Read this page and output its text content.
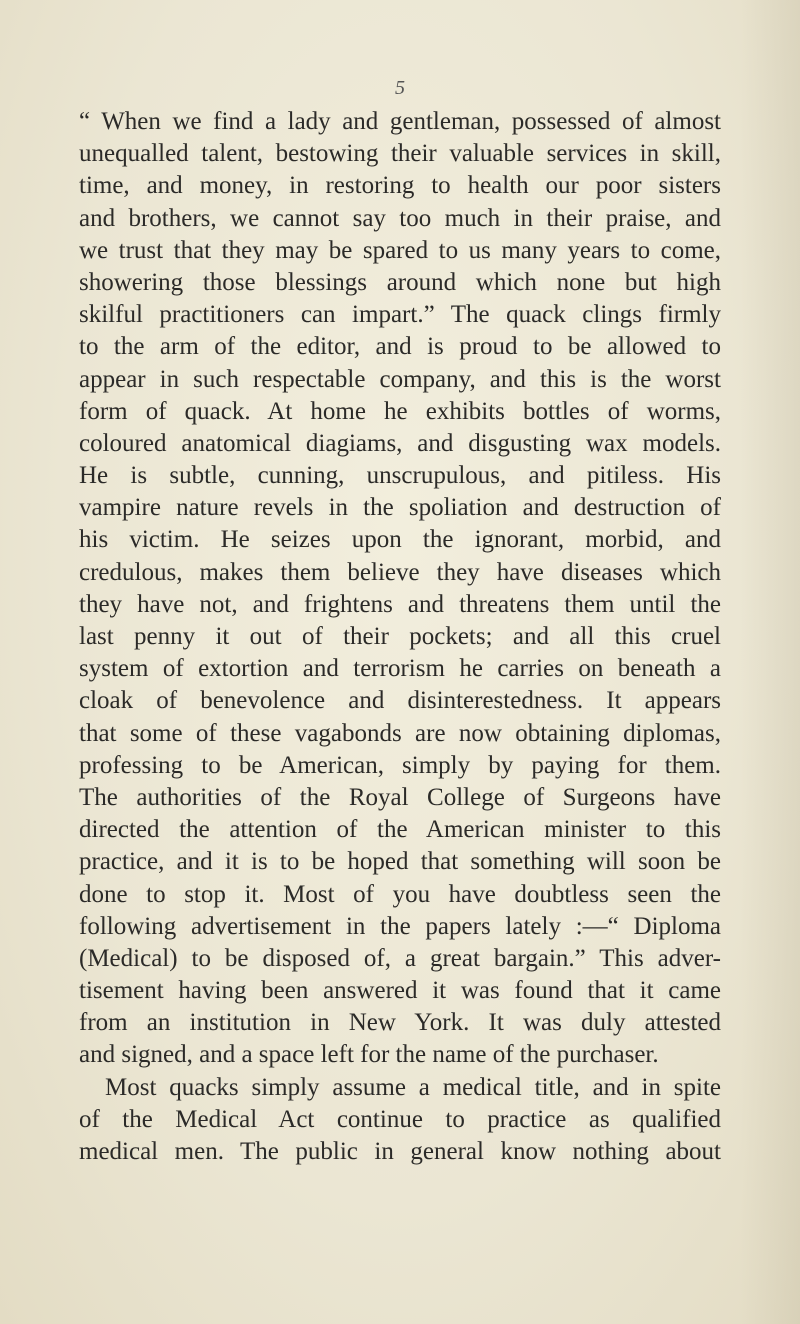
5
“ When we find a lady and gentleman, possessed of almost
unequalled talent, bestowing their valuable services in skill,
time, and money, in restoring to health our poor sisters
and brothers, we cannot say too much in their praise, and
we trust that they may be spared to us many years to come,
showering those blessings around which none but high
skilful practitioners can impart.” The quack clings firmly
to the arm of the editor, and is proud to be allowed to
appear in such respectable company, and this is the worst
form of quack. At home he exhibits bottles of worms,
coloured anatomical diagiams, and disgusting wax models.
He is subtle, cunning, unscrupulous, and pitiless. His
vampire nature revels in the spoliation and destruction of
his victim. He seizes upon the ignorant, morbid, and
credulous, makes them believe they have diseases which
they have not, and frightens and threatens them until the
last penny it out of their pockets; and all this cruel
system of extortion and terrorism he carries on beneath a
cloak of benevolence and disinterestedness. It appears
that some of these vagabonds are now obtaining diplomas,
professing to be American, simply by paying for them.
The authorities of the Royal College of Surgeons have
directed the attention of the American minister to this
practice, and it is to be hoped that something will soon be
done to stop it. Most of you have doubtless seen the
following advertisement in the papers lately :—“ Diploma
(Medical) to be disposed of, a great bargain.” This adver-
tisement having been answered it was found that it came
from an institution in New York. It was duly attested
and signed, and a space left for the name of the purchaser.
Most quacks simply assume a medical title, and in spite
of the Medical Act continue to practice as qualified
medical men. The public in general know nothing about
